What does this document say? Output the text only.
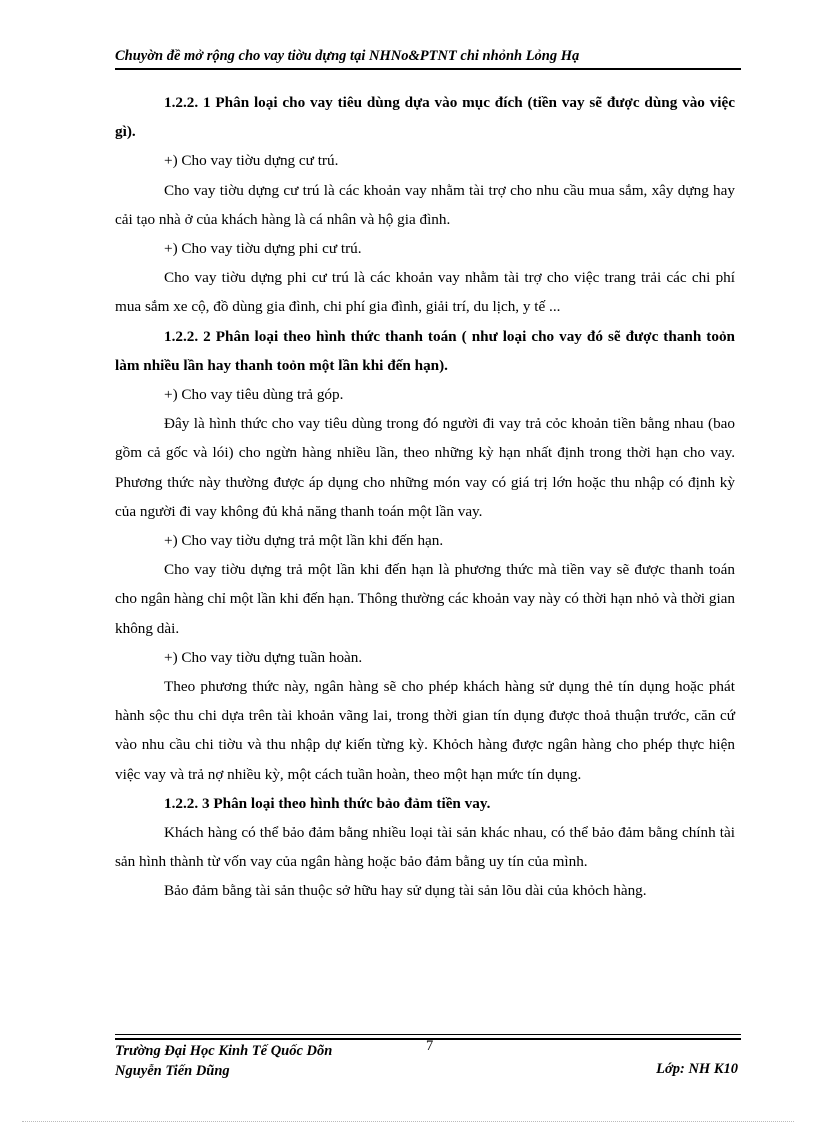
Chuyờn đề mở rộng cho vay tiờu dựng tại NHNo&PTNT chi nhỏnh Lỏng Hạ

1.2.2. 1 Phân loại cho vay tiêu dùng dựa vào mục đích (tiền vay sẽ được dùng vào việc gì).

+) Cho vay tiờu dựng cư trú.

Cho vay tiờu dựng cư trú là các khoản vay nhằm tài trợ cho nhu cầu mua sắm, xây dựng hay cải tạo nhà ở của khách hàng là cá nhân và hộ gia đình.

+) Cho vay tiờu dựng phi cư trú.

Cho vay tiờu dựng phi cư trú là các khoản vay nhằm tài trợ cho việc trang trải các chi phí mua sắm xe cộ, đồ dùng gia đình, chi phí gia đình, giải trí, du lịch, y tế ...

1.2.2. 2 Phân loại theo hình thức thanh toán ( như loại cho vay đó sẽ được thanh toỏn làm nhiều lần hay thanh toỏn một lần khi đến hạn).

+) Cho vay tiêu dùng trả góp.

Đây là hình thức cho vay tiêu dùng trong đó người đi vay trả cỏc khoản tiền bằng nhau (bao gồm cả gốc và lói) cho ngừn hàng nhiều lần, theo những kỳ hạn nhất định trong thời hạn cho vay. Phương thức này thường được áp dụng cho những món vay có giá trị lớn hoặc thu nhập có định kỳ của người đi vay không đủ khả năng thanh toán một lần vay.

+) Cho vay tiờu dựng trả một lần khi đến hạn.

Cho vay tiờu dựng trả một lần khi đến hạn là phương thức mà tiền vay sẽ được thanh toán cho ngân hàng chỉ một lần khi đến hạn. Thông thường các khoản vay này có thời hạn nhỏ và thời gian không dài.

+) Cho vay tiờu dựng tuần hoàn.

Theo phương thức này, ngân hàng sẽ cho phép khách hàng sử dụng thẻ tín dụng hoặc phát hành sộc thu chi dựa trên tài khoản vãng lai, trong thời gian tín dụng được thoả thuận trước, căn cứ vào nhu cầu chi tiờu và thu nhập dự kiến từng kỳ. Khỏch hàng được ngân hàng cho phép thực hiện việc vay và trả nợ nhiều kỳ, một cách tuần hoàn, theo một hạn mức tín dụng.

1.2.2. 3 Phân loại theo hình thức bảo đảm tiền vay.

Khách hàng có thể bảo đảm bằng nhiều loại tài sản khác nhau, có thể bảo đảm bằng chính tài sản hình thành từ vốn vay của ngân hàng hoặc bảo đảm bằng uy tín của mình.

Bảo đảm bằng tài sản thuộc sở hữu hay sử dụng tài sản lõu dài của khỏch hàng.

Trường Đại Học Kinh Tế Quốc Dõn
Nguyễn Tiến Dũng
7
Lớp: NH K10
